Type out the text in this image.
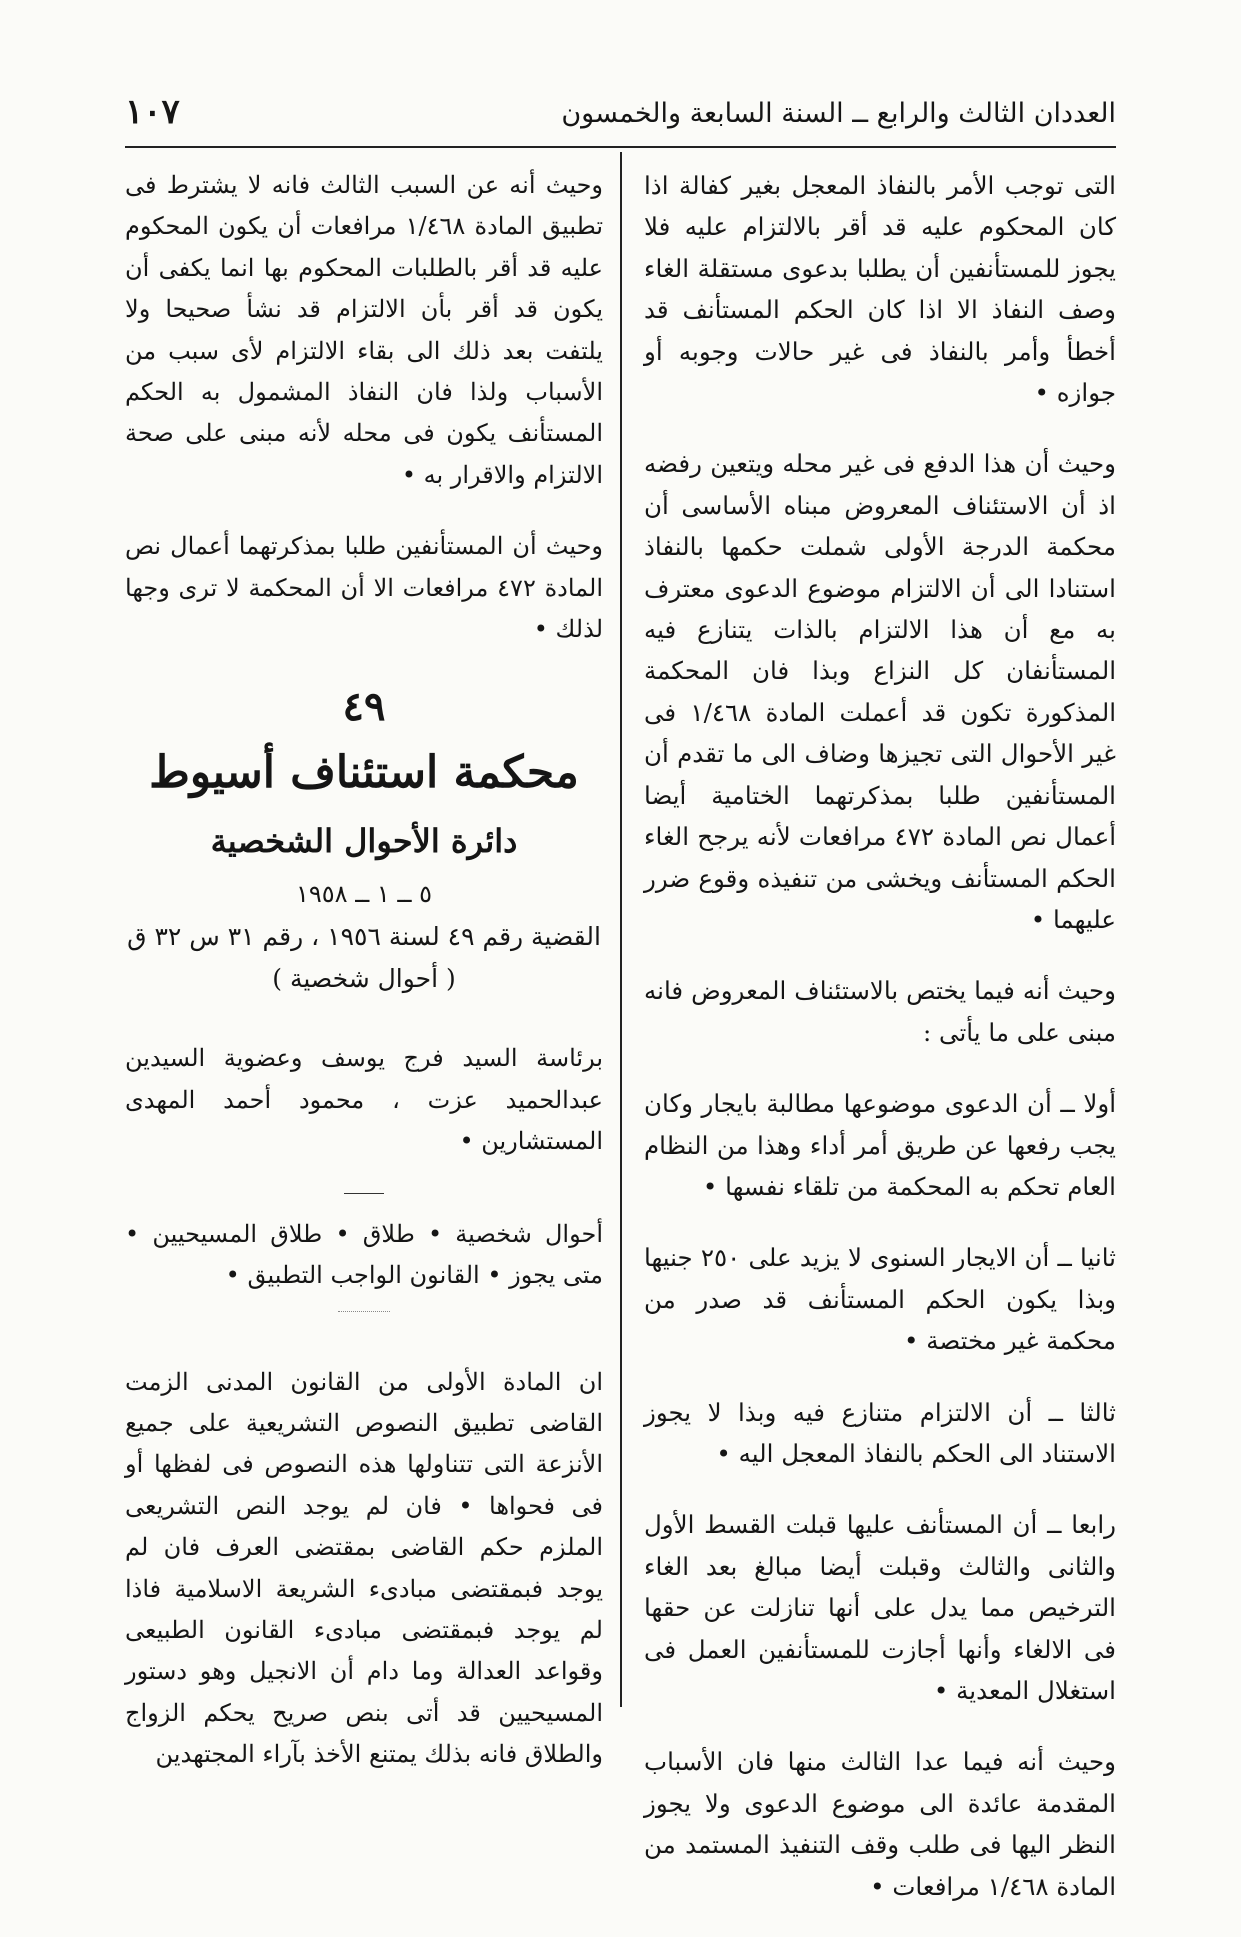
العددان الثالث والرابع ــ السنة السابعة والخمسون
١٠٧

التى توجب الأمر بالنفاذ المعجل بغير كفالة اذا كان المحكوم عليه قد أقر بالالتزام عليه فلا يجوز للمستأنفين أن يطلبا بدعوى مستقلة الغاء وصف النفاذ الا اذا كان الحكم المستأنف قد أخطأ وأمر بالنفاذ فى غير حالات وجوبه أو جوازه •

وحيث أن هذا الدفع فى غير محله ويتعين رفضه اذ أن الاستئناف المعروض مبناه الأساسى أن محكمة الدرجة الأولى شملت حكمها بالنفاذ استنادا الى أن الالتزام موضوع الدعوى معترف به مع أن هذا الالتزام بالذات يتنازع فيه المستأنفان كل النزاع وبذا فان المحكمة المذكورة تكون قد أعملت المادة ١/٤٦٨ فى غير الأحوال التى تجيزها وضاف الى ما تقدم أن المستأنفين طلبا بمذكرتهما الختامية أيضا أعمال نص المادة ٤٧٢ مرافعات لأنه يرجح الغاء الحكم المستأنف ويخشى من تنفيذه وقوع ضرر عليهما •

وحيث أنه فيما يختص بالاستئناف المعروض فانه مبنى على ما يأتى :

أولا ــ أن الدعوى موضوعها مطالبة بايجار وكان يجب رفعها عن طريق أمر أداء وهذا من النظام العام تحكم به المحكمة من تلقاء نفسها •

ثانيا ــ أن الايجار السنوى لا يزيد على ٢٥٠ جنيها وبذا يكون الحكم المستأنف قد صدر من محكمة غير مختصة •

ثالثا ــ أن الالتزام متنازع فيه وبذا لا يجوز الاستناد الى الحكم بالنفاذ المعجل اليه •

رابعا ــ أن المستأنف عليها قبلت القسط الأول والثانى والثالث وقبلت أيضا مبالغ بعد الغاء الترخيص مما يدل على أنها تنازلت عن حقها فى الالغاء وأنها أجازت للمستأنفين العمل فى استغلال المعدية •

وحيث أنه فيما عدا الثالث منها فان الأسباب المقدمة عائدة الى موضوع الدعوى ولا يجوز النظر اليها فى طلب وقف التنفيذ المستمد من المادة ١/٤٦٨ مرافعات •

وحيث أنه عن السبب الثالث فانه لا يشترط فى تطبيق المادة ١/٤٦٨ مرافعات أن يكون المحكوم عليه قد أقر بالطلبات المحكوم بها انما يكفى أن يكون قد أقر بأن الالتزام قد نشأ صحيحا ولا يلتفت بعد ذلك الى بقاء الالتزام لأى سبب من الأسباب ولذا فان النفاذ المشمول به الحكم المستأنف يكون فى محله لأنه مبنى على صحة الالتزام والاقرار به •

وحيث أن المستأنفين طلبا بمذكرتهما أعمال نص المادة ٤٧٢ مرافعات الا أن المحكمة لا ترى وجها لذلك •

٤٩
محكمة استئناف أسيوط
دائرة الأحوال الشخصية
٥ ــ ١ ــ ١٩٥٨
القضية رقم ٤٩ لسنة ١٩٥٦ ، رقم ٣١ س ٣٢ ق
( أحوال شخصية )

برئاسة السيد فرج يوسف وعضوية السيدين عبدالحميد عزت ، محمود أحمد المهدى المستشارين •

أحوال شخصية • طلاق • طلاق المسيحيين • متى يجوز • القانون الواجب التطبيق •

ان المادة الأولى من القانون المدنى الزمت القاضى تطبيق النصوص التشريعية على جميع الأنزعة التى تتناولها هذه النصوص فى لفظها أو فى فحواها • فان لم يوجد النص التشريعى الملزم حكم القاضى بمقتضى العرف فان لم يوجد فبمقتضى مبادىء الشريعة الاسلامية فاذا لم يوجد فبمقتضى مبادىء القانون الطبيعى وقواعد العدالة وما دام أن الانجيل وهو دستور المسيحيين قد أتى بنص صريح يحكم الزواج والطلاق فانه بذلك يمتنع الأخذ بآراء المجتهدين
